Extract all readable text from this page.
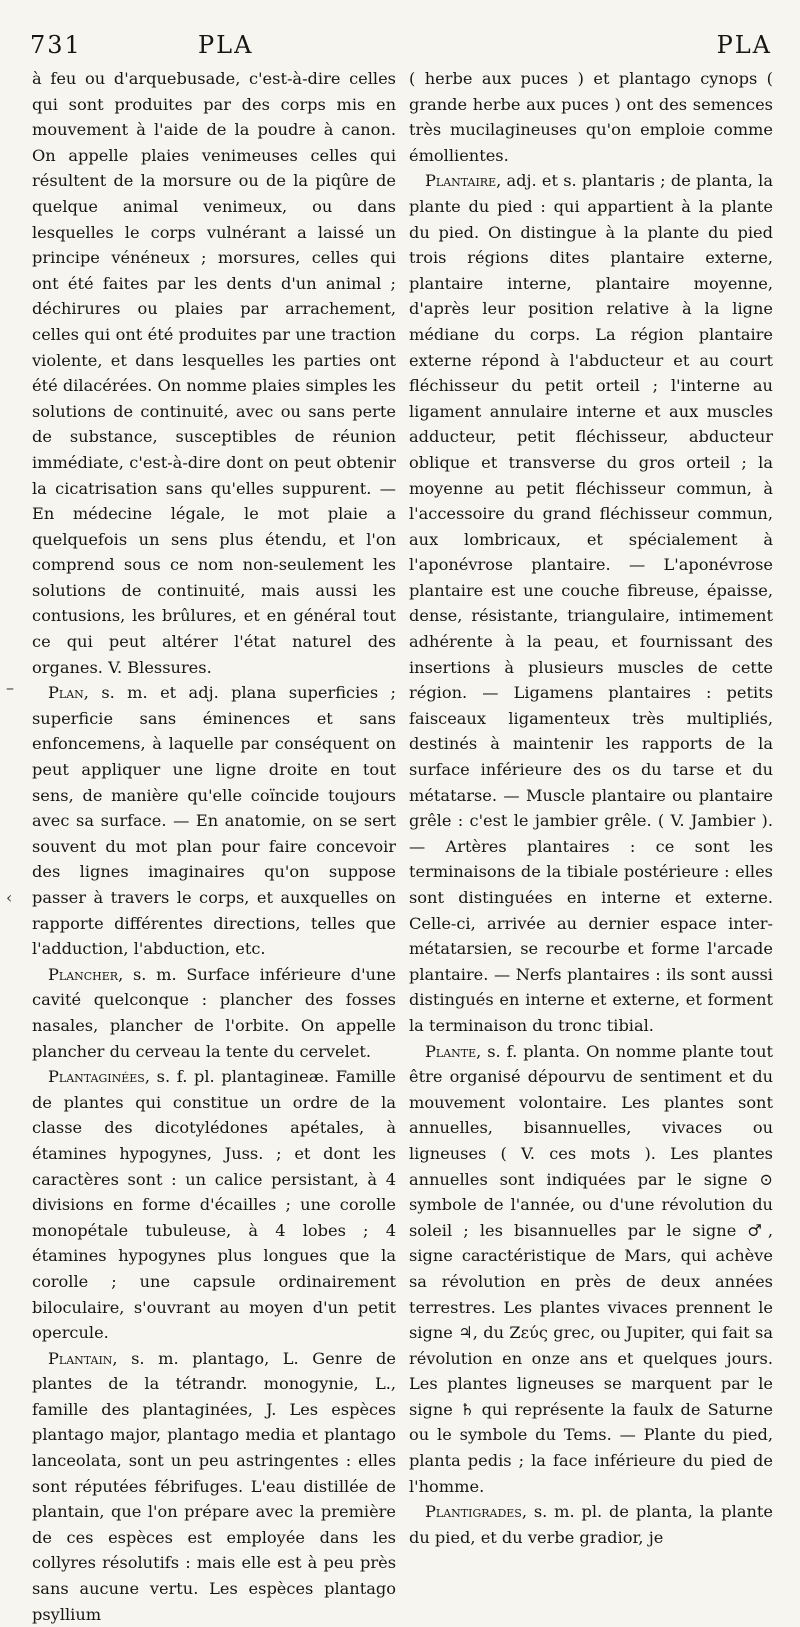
731	PLA	PLA
–
‹

à feu ou d'arquebusade, c'est-à-dire celles qui sont produites par des corps mis en mouvement à l'aide de la poudre à canon. On appelle plaies venimeuses celles qui résultent de la morsure ou de la piqûre de quelque animal venimeux, ou dans lesquelles le corps vulnérant a laissé un principe vénéneux ; morsures, celles qui ont été faites par les dents d'un animal ; déchirures ou plaies par arrachement, celles qui ont été produites par une traction violente, et dans lesquelles les parties ont été dilacérées. On nomme plaies simples les solutions de continuité, avec ou sans perte de substance, susceptibles de réunion immédiate, c'est-à-dire dont on peut obtenir la cicatrisation sans qu'elles suppurent. — En médecine légale, le mot plaie a quelquefois un sens plus étendu, et l'on comprend sous ce nom non-seulement les solutions de continuité, mais aussi les contusions, les brûlures, et en général tout ce qui peut altérer l'état naturel des organes. V. Blessures.

Plan, s. m. et adj. plana superficies ; superficie sans éminences et sans enfoncemens, à laquelle par conséquent on peut appliquer une ligne droite en tout sens, de manière qu'elle coïncide toujours avec sa surface. — En anatomie, on se sert souvent du mot plan pour faire concevoir des lignes imaginaires qu'on suppose passer à travers le corps, et auxquelles on rapporte différentes directions, telles que l'adduction, l'abduction, etc.

Plancher, s. m. Surface inférieure d'une cavité quelconque : plancher des fosses nasales, plancher de l'orbite. On appelle plancher du cerveau la tente du cervelet.

Plantaginées, s. f. pl. plantagineæ. Famille de plantes qui constitue un ordre de la classe des dicotylédones apétales, à étamines hypogynes, Juss. ; et dont les caractères sont : un calice persistant, à 4 divisions en forme d'écailles ; une corolle monopétale tubuleuse, à 4 lobes ; 4 étamines hypogynes plus longues que la corolle ; une capsule ordinairement biloculaire, s'ouvrant au moyen d'un petit opercule.

Plantain, s. m. plantago, L. Genre de plantes de la tétrandr. monogynie, L., famille des plantaginées, J. Les espèces plantago major, plantago media et plantago lanceolata, sont un peu astringentes : elles sont réputées fébrifuges. L'eau distillée de plantain, que l'on prépare avec la première de ces espèces est employée dans les collyres résolutifs : mais elle est à peu près sans aucune vertu. Les espèces plantago psyllium

( herbe aux puces ) et plantago cynops ( grande herbe aux puces ) ont des semences très mucilagineuses qu'on emploie comme émollientes.

Plantaire, adj. et s. plantaris ; de planta, la plante du pied : qui appartient à la plante du pied. On distingue à la plante du pied trois régions dites plantaire externe, plantaire interne, plantaire moyenne, d'après leur position relative à la ligne médiane du corps. La région plantaire externe répond à l'abducteur et au court fléchisseur du petit orteil ; l'interne au ligament annulaire interne et aux muscles adducteur, petit fléchisseur, abducteur oblique et transverse du gros orteil ; la moyenne au petit fléchisseur commun, à l'accessoire du grand fléchisseur commun, aux lombricaux, et spécialement à l'aponévrose plantaire. — L'aponévrose plantaire est une couche fibreuse, épaisse, dense, résistante, triangulaire, intimement adhérente à la peau, et fournissant des insertions à plusieurs muscles de cette région. — Ligamens plantaires : petits faisceaux ligamenteux très multipliés, destinés à maintenir les rapports de la surface inférieure des os du tarse et du métatarse. — Muscle plantaire ou plantaire grêle : c'est le jambier grêle. ( V. Jambier ). — Artères plantaires : ce sont les terminaisons de la tibiale postérieure : elles sont distinguées en interne et externe. Celle-ci, arrivée au dernier espace inter-métatarsien, se recourbe et forme l'arcade plantaire. — Nerfs plantaires : ils sont aussi distingués en interne et externe, et forment la terminaison du tronc tibial.

Plante, s. f. planta. On nomme plante tout être organisé dépourvu de sentiment et du mouvement volontaire. Les plantes sont annuelles, bisannuelles, vivaces ou ligneuses ( V. ces mots ). Les plantes annuelles sont indiquées par le signe ⊙ symbole de l'année, ou d'une révolution du soleil ; les bisannuelles par le signe ♂, signe caractéristique de Mars, qui achève sa révolution en près de deux années terrestres. Les plantes vivaces prennent le signe ♃, du Ζεύς grec, ou Jupiter, qui fait sa révolution en onze ans et quelques jours. Les plantes ligneuses se marquent par le signe ♄ qui représente la faulx de Saturne ou le symbole du Tems. — Plante du pied, planta pedis ; la face inférieure du pied de l'homme.

Plantigrades, s. m. pl. de planta, la plante du pied, et du verbe gradior, je
